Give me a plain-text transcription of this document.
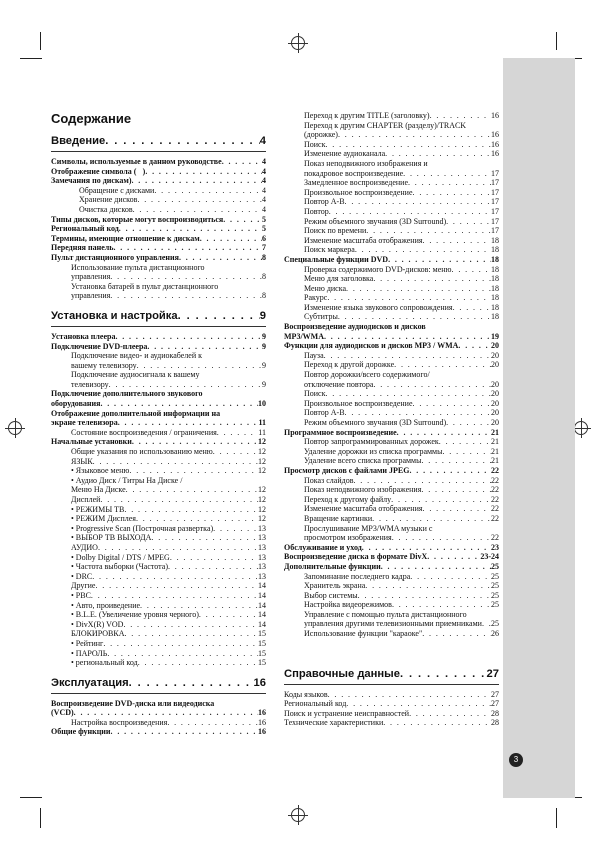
Содержание
Введение . . .	4
Символы, используемые в данном руководстве . . .	4
Отображение символа (⃠) . . .	4
Замечания по дискам) . . .	4
Обращение с дисками . . .	4
Хранение дисков . . .	4
Очистка дисков . . .	4
Типы дисков, которые могут воспроизводиться . . .	5
Региональный код . . .	5
Термины, имеющие отношение к дискам . . .	6
Передняя панель . . .	7
Пульт дистанционного управления . . .	8
Использование пульта дистанционного
управления . . .	8
Установка батарей в пульт дистанционного
управления . . .	8
Установка и настройка . . .	9
Установка плеера . . .	9
Подключение DVD-плеера . . .	9
Подключение видео- и аудиокабелей к
вашему телевизору . . .	9
Подключение аудиосигнала к вашему
телевизору . . .	9
Подключение дополнительного звукового
оборудования . . .	10
Отображение дополнительной информации на
экране телевизора . . .	11
Состояние воспроизведения / ограничения . . .	11
Начальные установки . . .	12
Общие указания по использованию меню . . .	12
ЯЗЫК . . .	12
• Языковое меню . . .	12
• Аудио Диск / Титры На Диске /
Меню На Диске . . .	12
Дисплей . . .	12
• РЕЖИМЫ ТВ . . .	12
• РЕЖИМ Дисплея . . .	12
• Progressive Scan (Построчная развертка) . . .	13
• ВЫБОР ТВ ВЫХОДА . . .	13
АУДИО . . .	13
• Dolby Digital / DTS / MPEG . . .	13
• Частота выборки (Частота) . . .	13
• DRC . . .	13
Другие . . .	14
• PBC . . .	14
• Авто, проиведение . . .	14
• B.L.E. (Увеличение уровня черного) . . .	14
• DivX(R) VOD . . .	14
БЛОКИРОВКА . . .	15
• Рейтинг . . .	15
• ПАРОЛЬ . . .	15
• региональный код . . .	15
Эксплуатация . . .	16
Воспроизведение DVD-диска или видеодиска
(VCD) . . .	16
Настройка воспроизведения . . .	16
Общие функции . . .	16
Переход к другим TITLE (заголовку) . . .	16
Переход к другим CHAPTER (разделу)/TRACK
(дорожке) . . .	16
Поиск . . .	16
Изменение аудиоканала . . .	16
Показ неподвижного изображения и
покадровое воспроизведение . . .	17
Замедленное воспроизведение . . .	17
Произвольное воспроизведение . . .	17
Повтор A-B . . .	17
Повтор . . .	17
Режим объемного звучания (3D Surround) . . .	17
Поиск по времени . . .	17
Изменение масштаба отображения . . .	18
Поиск маркера . . .	18
Специальные функции DVD . . .	18
Проверка содержимого DVD-дисков: меню . . .	18
Меню для заголовка . . .	18
Меню диска . . .	18
Ракурс . . .	18
Изменение языка звукового сопровождения . . .	18
Субтитры . . .	18
Воспроизведение аудиодисков и дисков
MP3/WMA . . .	19
Функции для аудиодисков и дисков MP3 / WMA . . .	20
Пауза . . .	20
Переход к другой дорожке . . .	20
Повтор дорожки/всего содержимого/
отключение повтора . . .	20
Поиск . . .	20
Произвольное воспроизведение . . .	20
Повтор A-B . . .	20
Режим объемного звучания (3D Surround) . . .	20
Программное воспроизведение . . .	21
Повтор запрограммированных дорожек . . .	21
Удаление дорожки из списка программы . . .	21
Удаление всего списка программы . . .	21
Просмотр дисков с файлами JPEG . . .	22
Показ слайдов . . .	22
Показ неподвижного изображения . . .	22
Переход к другому файлу . . .	22
Изменение масштаба отображения . . .	22
Вращение картинки . . .	22
Прослушивание MP3/WMA музыки с
просмотром изображения . . .	22
Обслуживание и уход . . .	23
Воспроизведение диска в формате DivX . . .	23-24
Дополнительные функции . . .	25
Запоминание последнего кадра . . .	25
Хранитель экрана . . .	25
Выбор системы . . .	25
Настройка видеорежимов . . .	25
Управление с помощью пульта дистанционного
управления другими телевизионными приемниками . . . 25
Использование функции "караоке" . . .	26
Справочные данные . . .	27
Коды языков . . .	27
Региональный код . . .	27
Поиск и устранение неисправностей . . .	28
Технические характеристики . . .	28
3
